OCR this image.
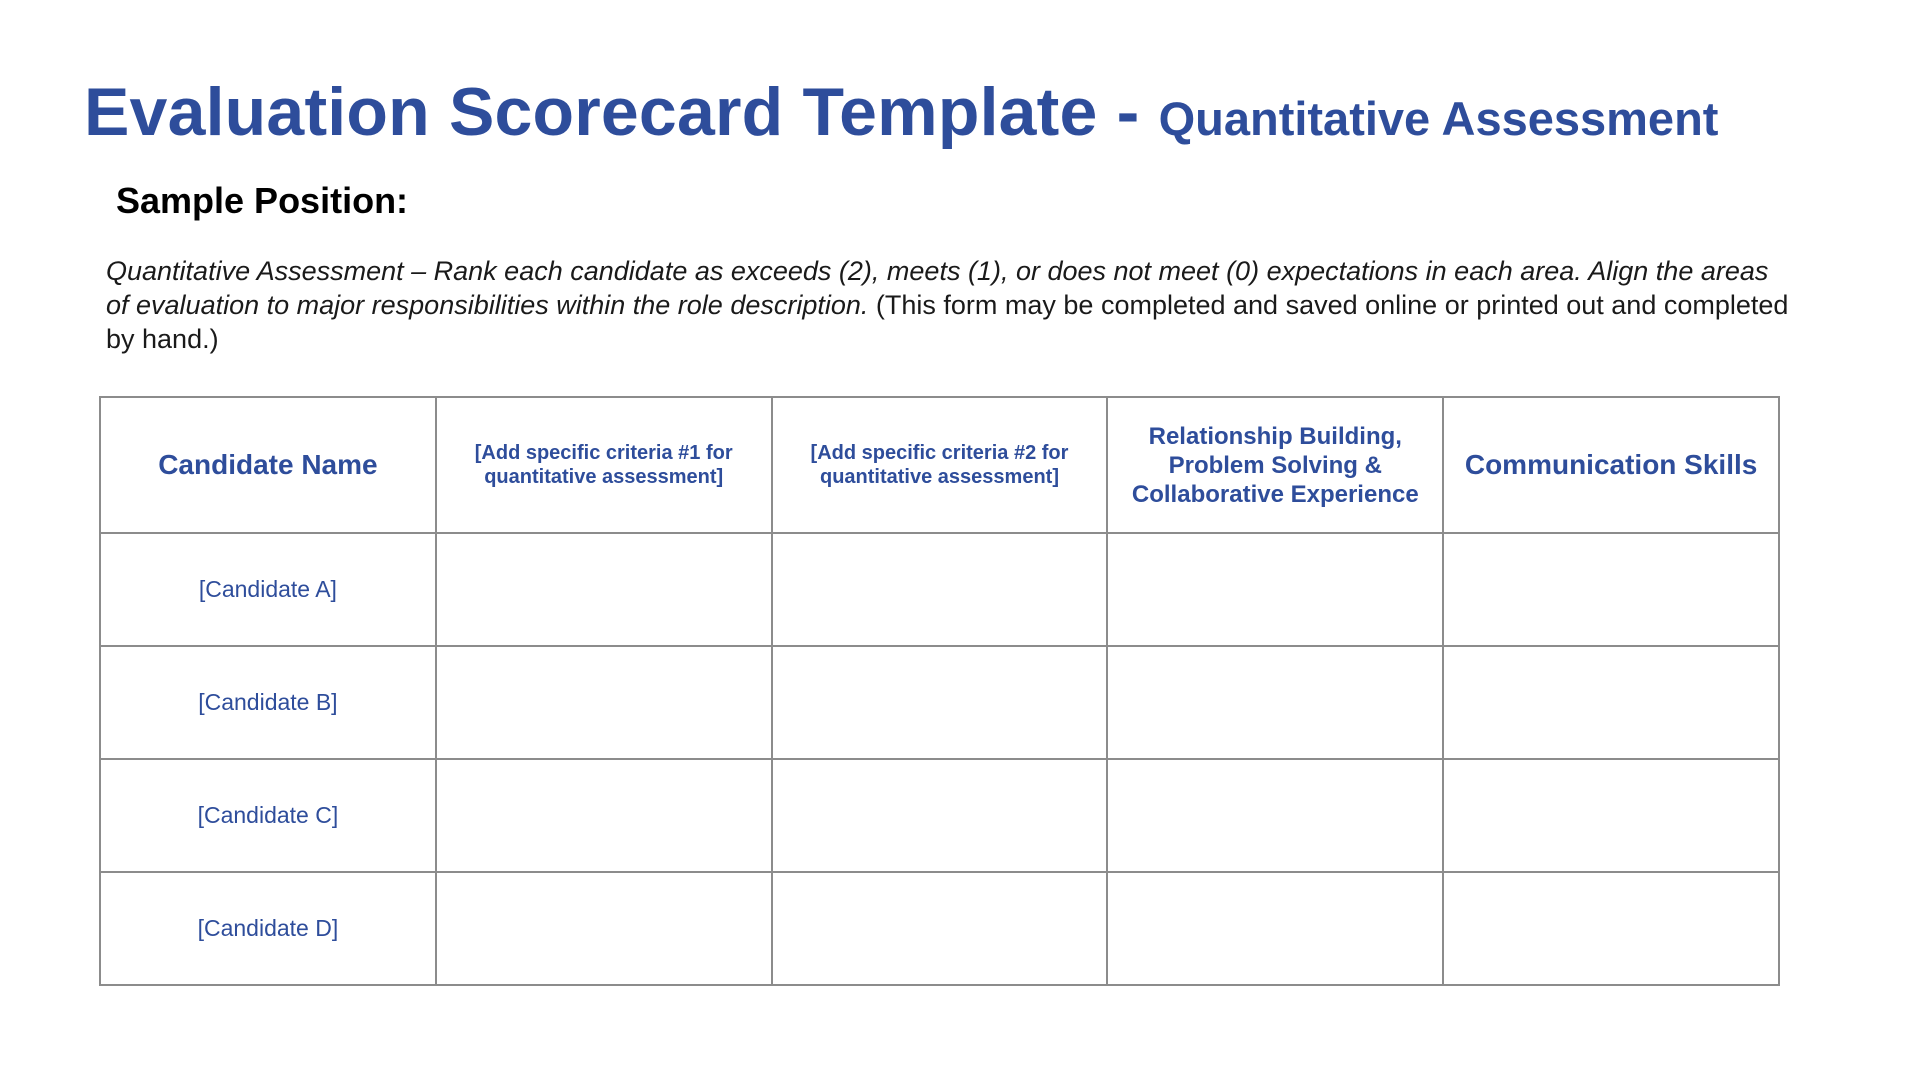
Evaluation Scorecard Template - Quantitative Assessment
Sample Position:

Quantitative Assessment – Rank each candidate as exceeds (2), meets (1), or does not meet (0) expectations in each area. Align the areas of evaluation to major responsibilities within the role description. (This form may be completed and saved online or printed out and completed by hand.)

Candidate Name	[Add specific criteria #1 for quantitative assessment]	[Add specific criteria #2 for quantitative assessment]	Relationship Building, Problem Solving & Collaborative Experience	Communication Skills
[Candidate A]				
[Candidate B]				
[Candidate C]				
[Candidate D]				
